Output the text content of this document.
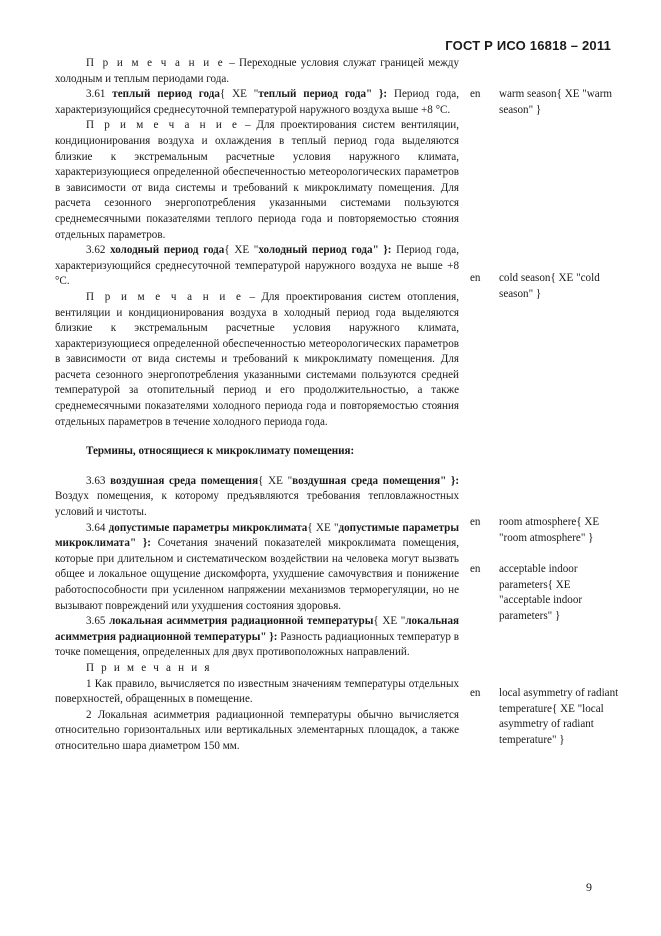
ГОСТ Р ИСО 16818 – 2011

П р и м е ч а н и е – Переходные условия служат границей между холодным и теплым периодами года.

3.61 теплый период года{ XE "теплый период года" }: Период года, характеризующийся среднесуточной температурой наружного воздуха выше +8 °С.

П р и м е ч а н и е – Для проектирования систем вентиляции, кондиционирования воздуха и охлаждения в теплый период года выделяются близкие к экстремальным расчетные условия наружного климата, характеризующиеся определенной обеспеченностью метеорологических параметров в зависимости от вида системы и требований к микроклимату помещения. Для расчета сезонного энергопотребления указанными системами пользуются среднемесячными показателями теплого периода года и повторяемостью стояния отдельных параметров.

3.62 холодный период года{ XE "холодный период года" }: Период года, характеризующийся среднесуточной температурой наружного воздуха не выше +8 °С.

П р и м е ч а н и е – Для проектирования систем отопления, вентиляции и кондиционирования воздуха в холодный период года выделяются близкие к экстремальным расчетные условия наружного климата, характеризующиеся определенной обеспеченностью метеорологических параметров в зависимости от вида системы и требований к микроклимату помещения. Для расчета сезонного энергопотребления указанными системами пользуются средней температурой за отопительный период и его продолжительностью, а также среднемесячными показателями холодного периода года и повторяемостью стояния отдельных параметров в течение холодного периода года.

Термины, относящиеся к микроклимату помещения:

3.63 воздушная среда помещения{ XE "воздушная среда помещения" }: Воздух помещения, к которому предъявляются требования тепловлажностных условий и чистоты.

3.64 допустимые параметры микроклимата{ XE "допустимые параметры микроклимата" }: Сочетания значений показателей микроклимата помещения, которые при длительном и систематическом воздействии на человека могут вызвать общее и локальное ощущение дискомфорта, ухудшение самочувствия и понижение работоспособности при усиленном напряжении механизмов терморегуляции, но не вызывают повреждений или ухудшения состояния здоровья.

3.65 локальная асимметрия радиационной температуры{ XE "локальная асимметрия радиационной температуры" }: Разность радиационных температур в точке помещения, определенных для двух противоположных направлений.

П р и м е ч а н и я

1 Как правило, вычисляется по известным значениям температуры отдельных поверхностей, обращенных в помещение.

2 Локальная асимметрия радиационной температуры обычно вычисляется относительно горизонтальных или вертикальных элементарных площадок, а также относительно шара диаметром 150 мм.

en warm season{ XE "warm season" }
en cold season{ XE "cold season" }
en room atmosphere{ XE "room atmosphere" }
en acceptable indoor parameters{ XE "acceptable indoor parameters" }
en local asymmetry of radiant temperature{ XE "local asymmetry of radiant temperature" }
9
